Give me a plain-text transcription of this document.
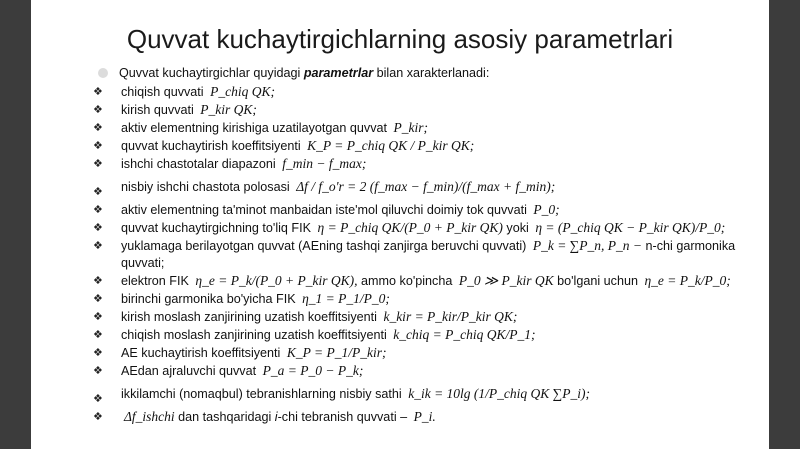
Quvvat kuchaytirgichlarning asosiy parametrlari
Quvvat kuchaytirgichlar quyidagi parametrlar bilan xarakterlanadi:
❖ chiqish quvvati P_chiq QK;
❖ kirish quvvati P_kir QK;
❖ aktiv elementning kirishiga uzatilayotgan quvvat P_kir;
❖ quvvat kuchaytirish koeffitsiyenti K_P = P_chiq QK / P_kir QK;
❖ ishchi chastotalar diapazoni f_min − f_max;
❖ nisbiy ishchi chastota polosasi Δf / f_o'r = 2 (f_max − f_min)/(f_max + f_min);
❖ aktiv elementning ta'minot manbaidan iste'mol qiluvchi doimiy tok quvvati P_0;
❖ quvvat kuchaytirgichning to'liq FIK η = P_chiq QK/(P_0 + P_kir QK) yoki η = (P_chiq QK − P_kir QK)/P_0;
❖ yuklamaga berilayotgan quvvat (AEning tashqi zanjirga beruvchi quvvati) P_k = ∑P_n, P_n − n-chi garmonika quvvati;
❖ elektron FIK η_e = P_k/(P_0 + P_kir QK), ammo ko'pincha P_0 ≫ P_kir QK bo'lgani uchun η_e = P_k/P_0;
❖ birinchi garmonika bo'yicha FIK η_1 = P_1/P_0;
❖ kirish moslash zanjirining uzatish koeffitsiyenti k_kir = P_kir/P_kir QK;
❖ chiqish moslash zanjirining uzatish koeffitsiyenti k_chiq = P_chiq QK/P_1;
❖ AE kuchaytirish koeffitsiyenti K_P = P_1/P_kir;
❖ AEdan ajraluvchi quvvat P_a = P_0 − P_k;
❖ ikkilamchi (nomaqbul) tebranishlarning nisbiy sathi k_ik = 10lg (1/P_chiq QK ∑P_i);
❖ Δf_ishchi dan tashqaridagi i-chi tebranish quvvati – P_i.
